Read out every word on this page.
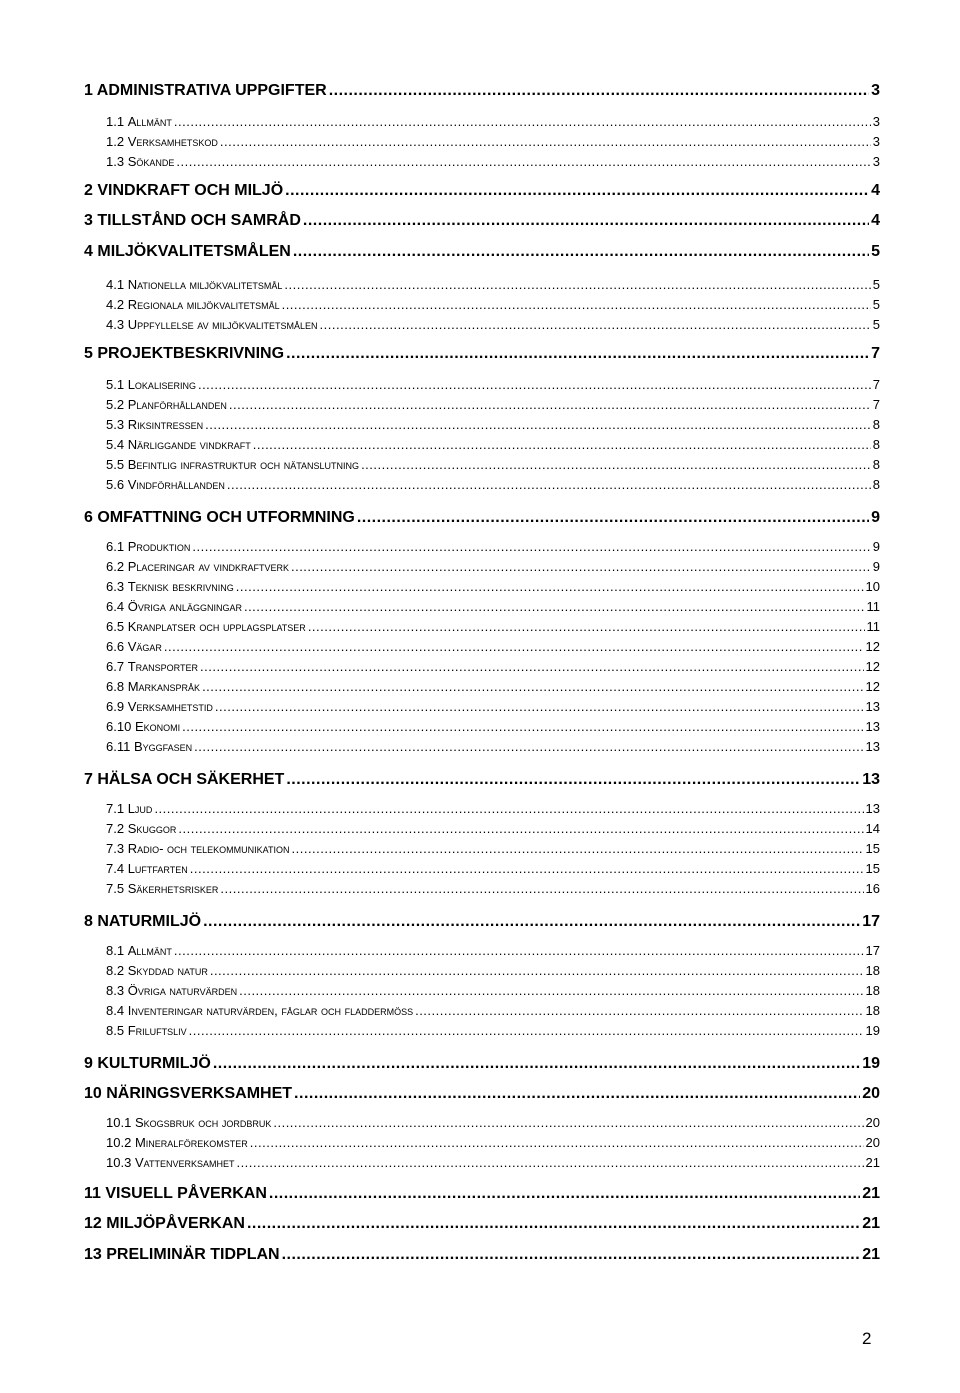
1 ADMINISTRATIVA UPPGIFTER .....	3
1.1 Allmänt .....	3
1.2 Verksamhetskod .....	3
1.3 Sökande .....	3
2 VINDKRAFT OCH MILJÖ .....	4
3 TILLSTÅND OCH SAMRÅD .....	4
4 MILJÖKVALITETSMÅLEN .....	5
4.1 Nationella miljökvalitetsmål .....	5
4.2 Regionala miljökvalitetsmål .....	5
4.3 Uppfyllelse av miljökvalitetsmålen .....	5
5 PROJEKTBESKRIVNING .....	7
5.1 Lokalisering .....	7
5.2 Planförhållanden .....	7
5.3 Riksintressen .....	8
5.4 Närliggande vindkraft .....	8
5.5 Befintlig infrastruktur och nätanslutning .....	8
5.6 Vindförhållanden .....	8
6 OMFATTNING OCH UTFORMNING .....	9
6.1 Produktion .....	9
6.2 Placeringar av vindkraftverk .....	9
6.3 Teknisk beskrivning .....	10
6.4 Övriga anläggningar .....	11
6.5 Kranplatser och upplagsplatser .....	11
6.6 Vägar .....	12
6.7 Transporter .....	12
6.8 Markanspråk .....	12
6.9 Verksamhetstid .....	13
6.10 Ekonomi .....	13
6.11 Byggfasen .....	13
7 HÄLSA OCH SÄKERHET .....	13
7.1 Ljud .....	13
7.2 Skuggor .....	14
7.3 Radio- och telekommunikation .....	15
7.4 Luftfarten .....	15
7.5 Säkerhetsrisker .....	16
8 NATURMILJÖ .....	17
8.1 Allmänt .....	17
8.2 Skyddad natur .....	18
8.3 Övriga naturvärden .....	18
8.4 Inventeringar naturvärden, fåglar och fladdermöss .....	18
8.5 Friluftsliv .....	19
9 KULTURMILJÖ .....	19
10 NÄRINGSVERKSAMHET .....	20
10.1 Skogsbruk och jordbruk .....	20
10.2 Mineralförekomster .....	20
10.3 Vattenverksamhet .....	21
11 VISUELL PÅVERKAN .....	21
12 MILJÖPÅVERKAN .....	21
13 PRELIMINÄR TIDPLAN .....	21
2
